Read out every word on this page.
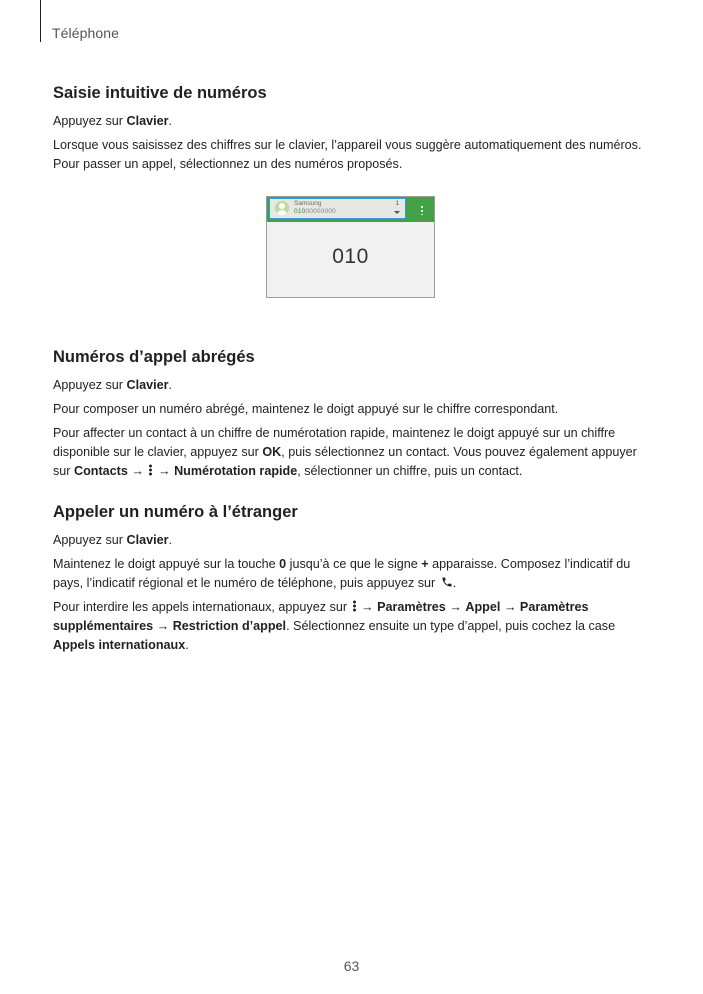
Téléphone
Saisie intuitive de numéros

Appuyez sur Clavier.

Lorsque vous saisissez des chiffres sur le clavier, l’appareil vous suggère automatiquement des numéros. Pour passer un appel, sélectionnez un des numéros proposés.

Numéros d’appel abrégés

Appuyez sur Clavier.

Pour composer un numéro abrégé, maintenez le doigt appuyé sur le chiffre correspondant.

Pour affecter un contact à un chiffre de numérotation rapide, maintenez le doigt appuyé sur un chiffre disponible sur le clavier, appuyez sur OK, puis sélectionnez un contact. Vous pouvez également appuyer sur Contacts →  → Numérotation rapide, sélectionner un chiffre, puis un contact.

Appeler un numéro à l’étranger

Appuyez sur Clavier.

Maintenez le doigt appuyé sur la touche 0 jusqu’à ce que le signe + apparaisse. Composez l’indicatif du pays, l’indicatif régional et le numéro de téléphone, puis appuyez sur .

Pour interdire les appels internationaux, appuyez sur  → Paramètres → Appel → Paramètres supplémentaires → Restriction d’appel. Sélectionnez ensuite un type d’appel, puis cochez la case Appels internationaux.

Samsung
01000000000
1
010
63
